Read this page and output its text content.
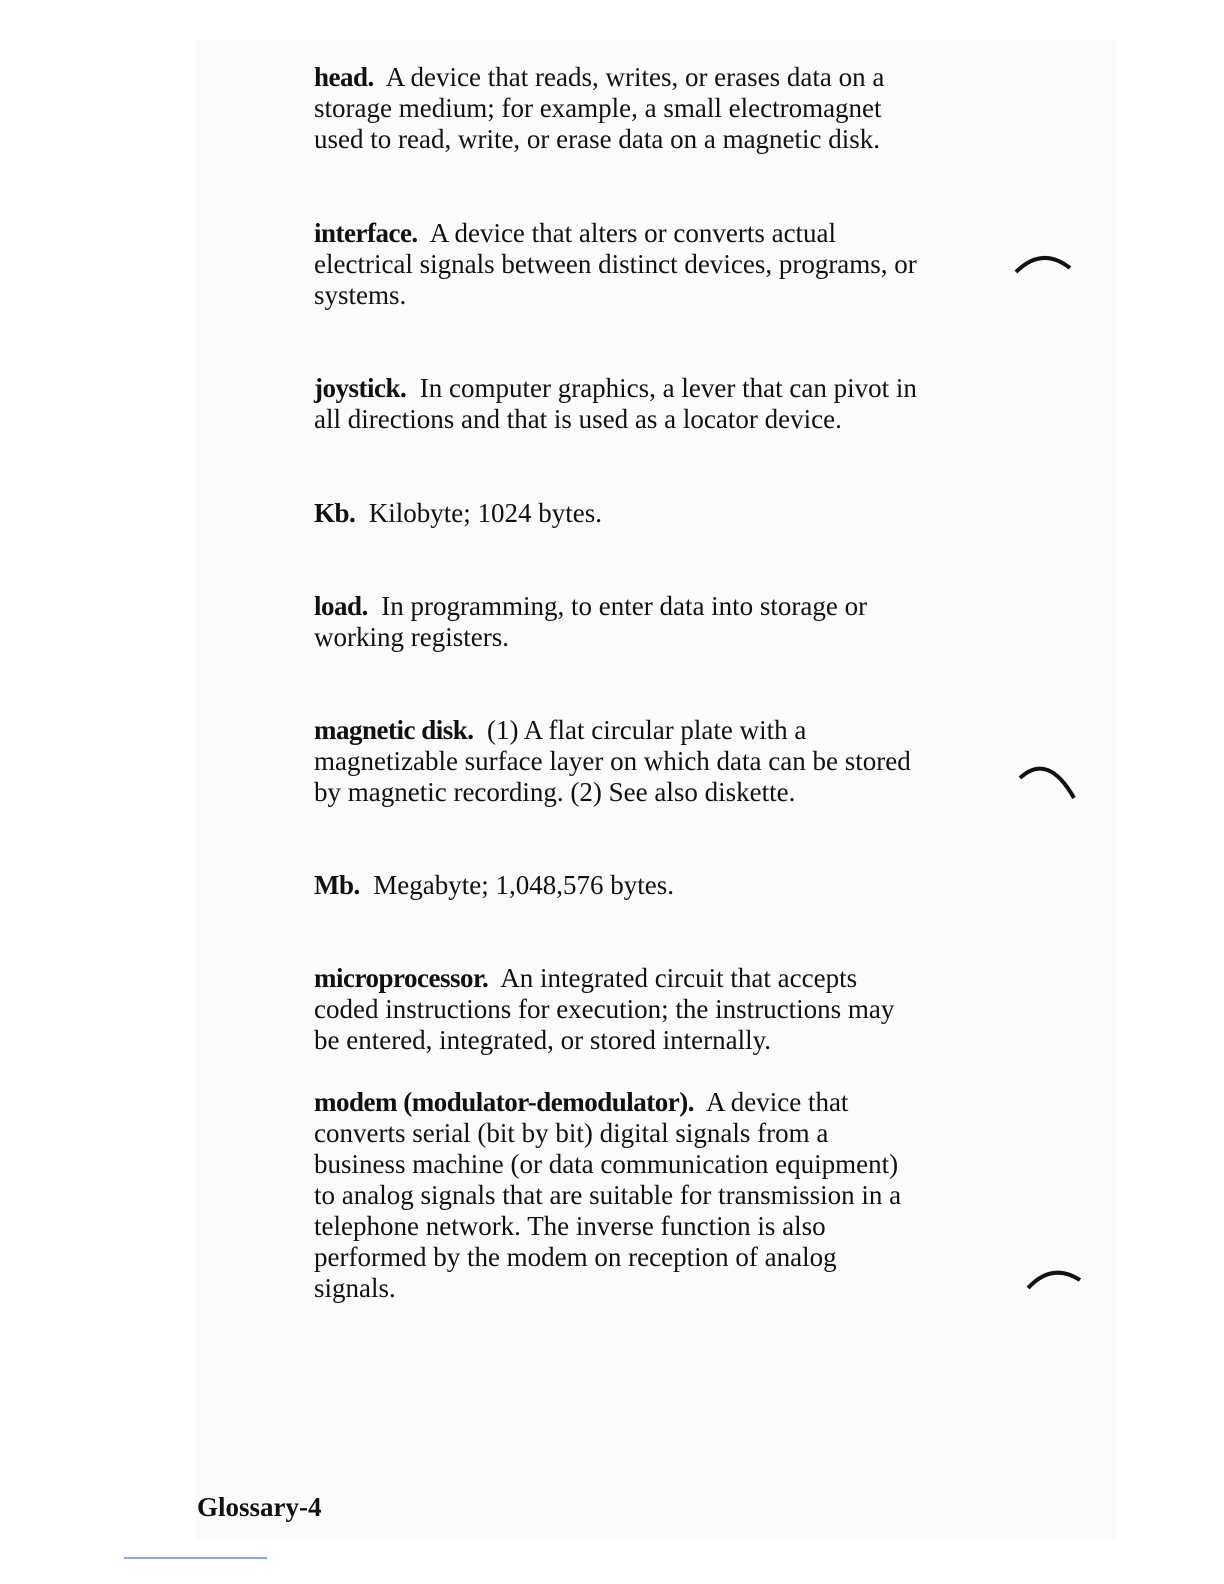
head. A device that reads, writes, or erases data on a
storage medium; for example, a small electromagnet
used to read, write, or erase data on a magnetic disk.

interface. A device that alters or converts actual
electrical signals between distinct devices, programs, or
systems.

joystick. In computer graphics, a lever that can pivot in
all directions and that is used as a locator device.

Kb. Kilobyte; 1024 bytes.

load. In programming, to enter data into storage or
working registers.

magnetic disk. (1) A flat circular plate with a
magnetizable surface layer on which data can be stored
by magnetic recording. (2) See also diskette.

Mb. Megabyte; 1,048,576 bytes.

microprocessor. An integrated circuit that accepts
coded instructions for execution; the instructions may
be entered, integrated, or stored internally.

modem (modulator-demodulator). A device that
converts serial (bit by bit) digital signals from a
business machine (or data communication equipment)
to analog signals that are suitable for transmission in a
telephone network. The inverse function is also
performed by the modem on reception of analog
signals.

Glossary-4
